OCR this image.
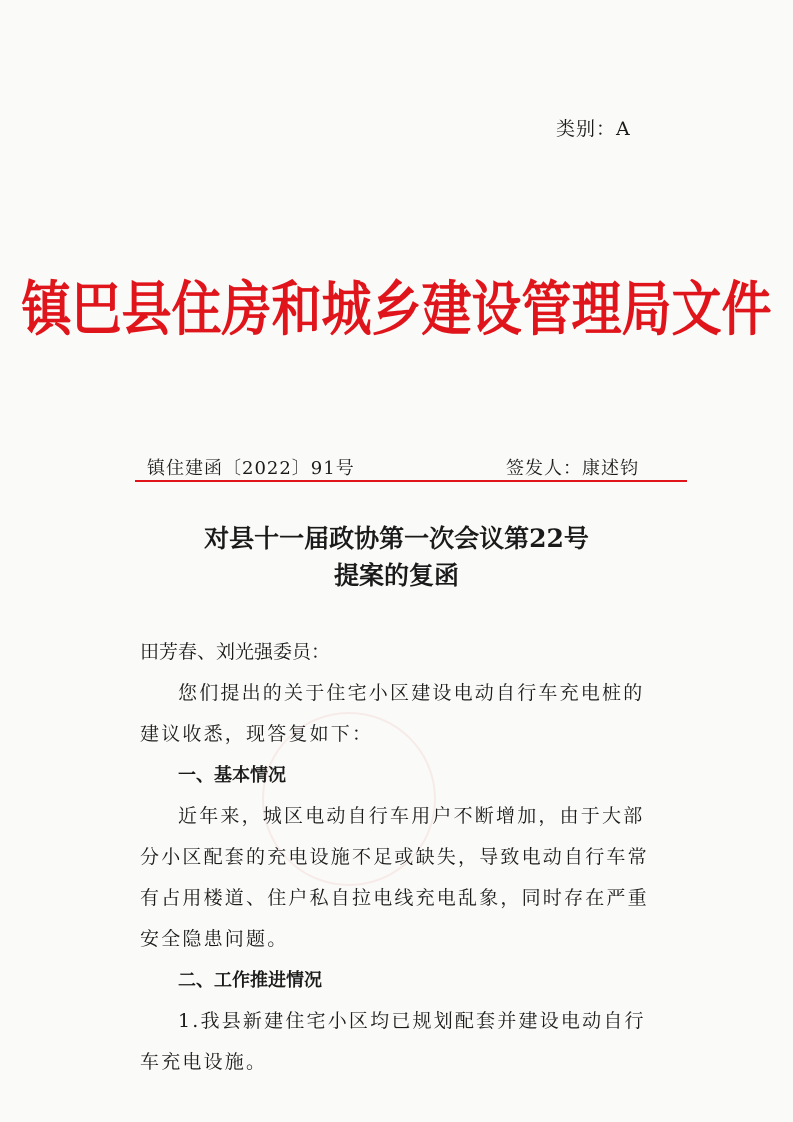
类别：A
镇巴县住房和城乡建设管理局文件
镇住建函〔2022〕91号	签发人：康述钧
对县十一届政协第一次会议第22号
提案的复函
田芳春、刘光强委员：

您们提出的关于住宅小区建设电动自行车充电桩的建议收悉，现答复如下：

一、基本情况

近年来，城区电动自行车用户不断增加，由于大部分小区配套的充电设施不足或缺失，导致电动自行车常有占用楼道、住户私自拉电线充电乱象，同时存在严重安全隐患问题。

二、工作推进情况

1.我县新建住宅小区均已规划配套并建设电动自行车充电设施。
